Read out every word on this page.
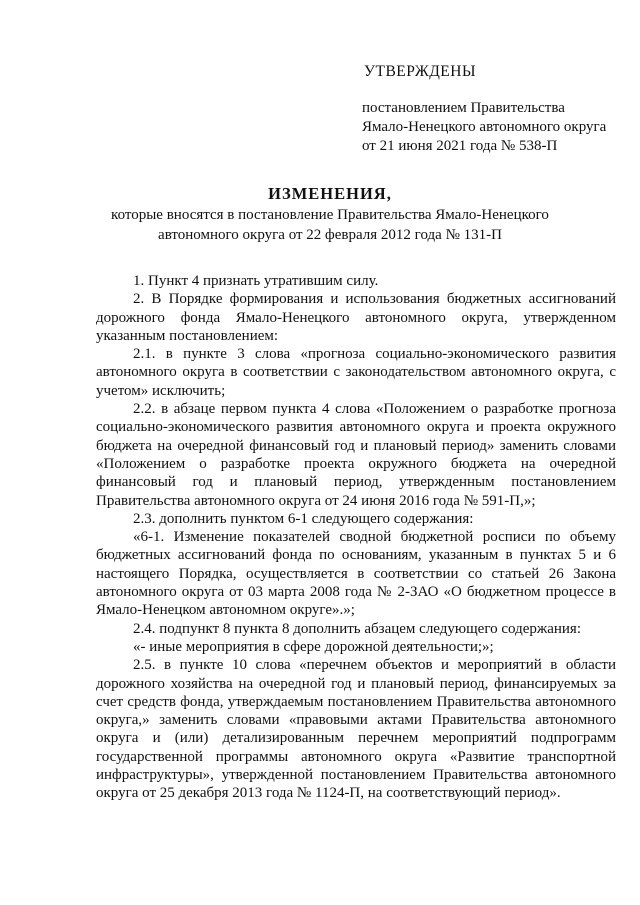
УТВЕРЖДЕНЫ
постановлением Правительства
Ямало-Ненецкого автономного округа
от 21 июня 2021 года № 538-П
ИЗМЕНЕНИЯ,
которые вносятся в постановление Правительства Ямало-Ненецкого
автономного округа от 22 февраля 2012 года № 131-П

1. Пункт 4 признать утратившим силу.

2. В Порядке формирования и использования бюджетных ассигнований дорожного фонда Ямало-Ненецкого автономного округа, утвержденном указанным постановлением:

2.1. в пункте 3 слова «прогноза социально-экономического развития автономного округа в соответствии с законодательством автономного округа, с учетом» исключить;

2.2. в абзаце первом пункта 4 слова «Положением о разработке прогноза социально-экономического развития автономного округа и проекта окружного бюджета на очередной финансовый год и плановый период» заменить словами «Положением о разработке проекта окружного бюджета на очередной финансовый год и плановый период, утвержденным постановлением Правительства автономного округа от 24 июня 2016 года № 591-П,»;

2.3. дополнить пунктом 6-1 следующего содержания:

«6-1. Изменение показателей сводной бюджетной росписи по объему бюджетных ассигнований фонда по основаниям, указанным в пунктах 5 и 6 настоящего Порядка, осуществляется в соответствии со статьей 26 Закона автономного округа от 03 марта 2008 года № 2-ЗАО «О бюджетном процессе в Ямало-Ненецком автономном округе».»;

2.4. подпункт 8 пункта 8 дополнить абзацем следующего содержания:

«- иные мероприятия в сфере дорожной деятельности;»;

2.5. в пункте 10 слова «перечнем объектов и мероприятий в области дорожного хозяйства на очередной год и плановый период, финансируемых за счет средств фонда, утверждаемым постановлением Правительства автономного округа,» заменить словами «правовыми актами Правительства автономного округа и (или) детализированным перечнем мероприятий подпрограмм государственной программы автономного округа «Развитие транспортной инфраструктуры», утвержденной постановлением Правительства автономного округа от 25 декабря 2013 года № 1124-П, на соответствующий период».
